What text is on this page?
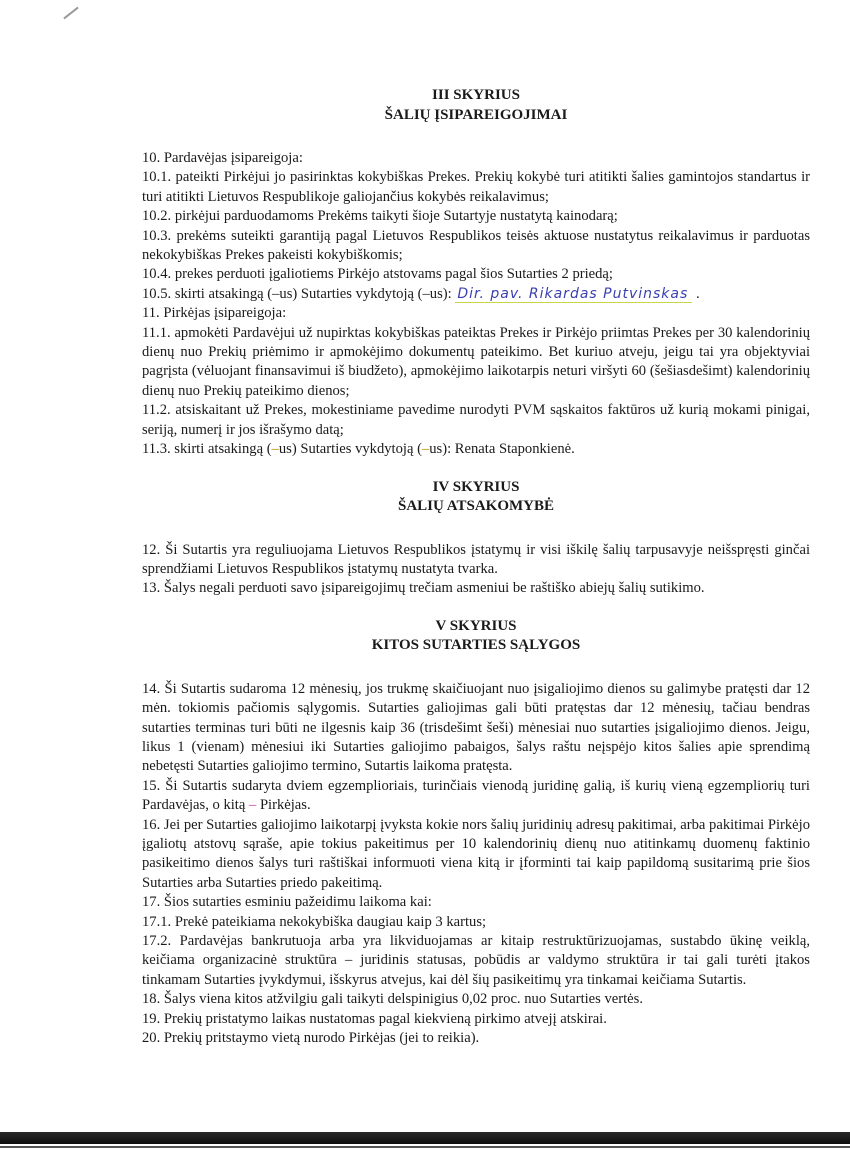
III SKYRIUS

ŠALIŲ ĮSIPAREIGOJIMAI

10. Pardavėjas įsipareigoja:

10.1. pateikti Pirkėjui jo pasirinktas kokybiškas Prekes. Prekių kokybė turi atitikti šalies gamintojos standartus ir turi atitikti Lietuvos Respublikoje galiojančius kokybės reikalavimus;

10.2. pirkėjui parduodamoms Prekėms taikyti šioje Sutartyje nustatytą kainodarą;

10.3. prekėms suteikti garantiją pagal Lietuvos Respublikos teisės aktuose nustatytus reikalavimus ir parduotas nekokybiškas Prekes pakeisti kokybiškomis;

10.4. prekes perduoti įgaliotiems Pirkėjo atstovams pagal šios Sutarties 2 priedą;

10.5. skirti atsakingą (–us) Sutarties vykdytoją (–us): Dir. pav. Rikardas Putvinskas .

11. Pirkėjas įsipareigoja:

11.1. apmokėti Pardavėjui už nupirktas kokybiškas pateiktas Prekes ir Pirkėjo priimtas Prekes per 30 kalendorinių dienų nuo Prekių priėmimo ir apmokėjimo dokumentų pateikimo. Bet kuriuo atveju, jeigu tai yra objektyviai pagrįsta (vėluojant finansavimui iš biudžeto), apmokėjimo laikotarpis neturi viršyti 60 (šešiasdešimt) kalendorinių dienų nuo Prekių pateikimo dienos;

11.2. atsiskaitant už Prekes, mokestiniame pavedime nurodyti PVM sąskaitos faktūros už kurią mokami pinigai, seriją, numerį ir jos išrašymo datą;

11.3. skirti atsakingą (–us) Sutarties vykdytoją (–us): Renata Staponkienė.

IV SKYRIUS

ŠALIŲ ATSAKOMYBĖ

12. Ši Sutartis yra reguliuojama Lietuvos Respublikos įstatymų ir visi iškilę šalių tarpusavyje neišspręsti ginčai sprendžiami Lietuvos Respublikos įstatymų nustatyta tvarka.

13. Šalys negali perduoti savo įsipareigojimų trečiam asmeniui be raštiško abiejų šalių sutikimo.

V SKYRIUS

KITOS SUTARTIES SĄLYGOS

14. Ši Sutartis sudaroma 12 mėnesių, jos trukmę skaičiuojant nuo įsigaliojimo dienos su galimybe pratęsti dar 12 mėn. tokiomis pačiomis sąlygomis. Sutarties galiojimas gali būti pratęstas dar 12 mėnesių, tačiau bendras sutarties terminas turi būti ne ilgesnis kaip 36 (trisdešimt šeši) mėnesiai nuo sutarties įsigaliojimo dienos. Jeigu, likus 1 (vienam) mėnesiui iki Sutarties galiojimo pabaigos, šalys raštu neįspėjo kitos šalies apie sprendimą nebetęsti Sutarties galiojimo termino, Sutartis laikoma pratęsta.

15. Ši Sutartis sudaryta dviem egzemplioriais, turinčiais vienodą juridinę galią, iš kurių vieną egzempliorių turi Pardavėjas, o kitą – Pirkėjas.

16. Jei per Sutarties galiojimo laikotarpį įvyksta kokie nors šalių juridinių adresų pakitimai, arba pakitimai Pirkėjo įgaliotų atstovų sąraše, apie tokius pakeitimus per 10 kalendorinių dienų nuo atitinkamų duomenų faktinio pasikeitimo dienos šalys turi raštiškai informuoti viena kitą ir įforminti tai kaip papildomą susitarimą prie šios Sutarties arba Sutarties priedo pakeitimą.

17. Šios sutarties esminiu pažeidimu laikoma kai:

17.1. Prekė pateikiama nekokybiška daugiau kaip 3 kartus;

17.2. Pardavėjas bankrutuoja arba yra likviduojamas ar kitaip restruktūrizuojamas, sustabdo ūkinę veiklą, keičiama organizacinė struktūra – juridinis statusas, pobūdis ar valdymo struktūra ir tai gali turėti įtakos tinkamam Sutarties įvykdymui, išskyrus atvejus, kai dėl šių pasikeitimų yra tinkamai keičiama Sutartis.

18. Šalys viena kitos atžvilgiu gali taikyti delspinigius 0,02 proc. nuo Sutarties vertės.

19. Prekių pristatymo laikas nustatomas pagal kiekvieną pirkimo atvejį atskirai.

20. Prekių pritstaymo vietą nurodo Pirkėjas (jei to reikia).
